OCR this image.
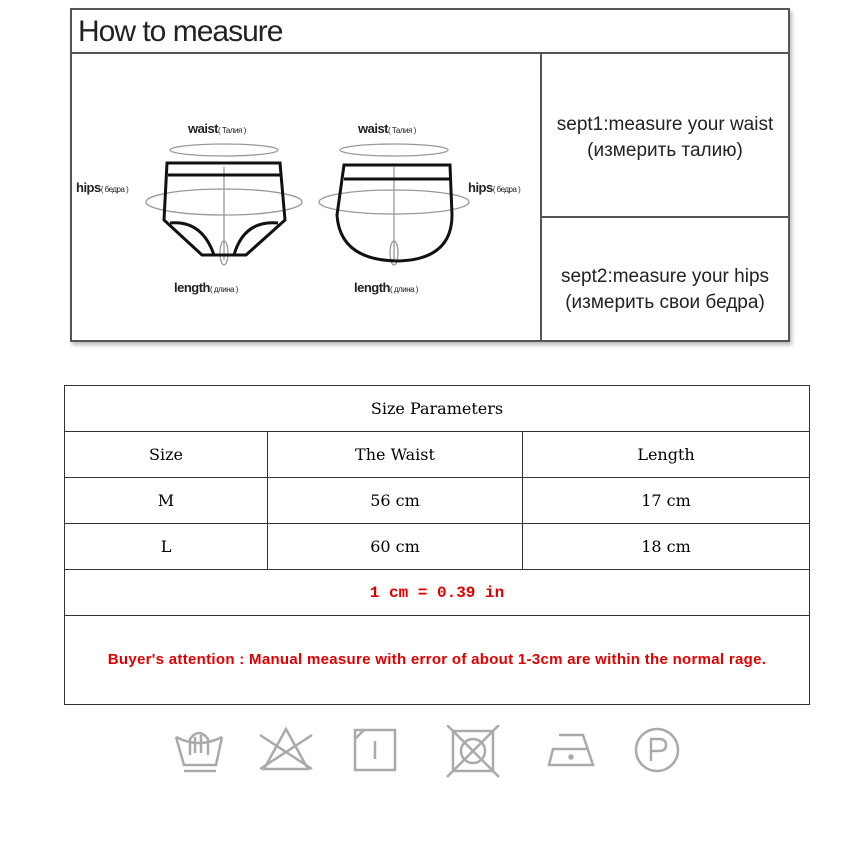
How to measure
waist( Талия )	waist( Талия )
hips( бедра )	hips( бедра )
length( длина )	length( длина )
sept1:measure your waist
(измерить талию)
sept2:measure your hips
(измерить свои бедра)
Size Parameters		
Size	The Waist	Length
M	56 cm	17 cm
L	60 cm	18 cm
1 cm = 0.39 in		
Buyer's attention : Manual measure with error of about 1-3cm are within the normal rage.		
